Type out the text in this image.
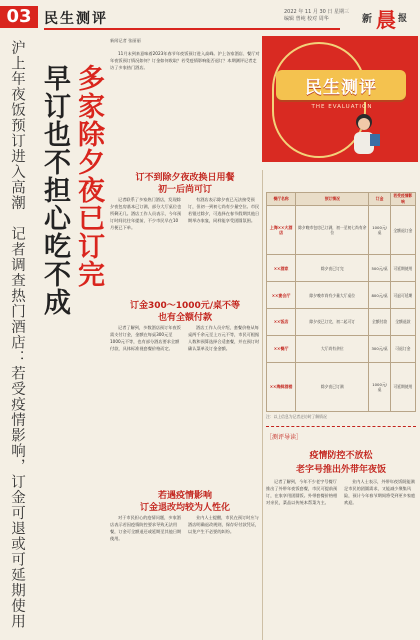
03 民生测评	2022 年 11 月 30 日 星期三
编辑 曾纯 校对 周华	新 晨 报
沪上年夜饭预订进入高潮　记者调查热门酒店：若受疫情影响，订金可退或可延期使用 多家除夕夜已订完
早订也不担心吃不成
新闻记者 张丽丽

11月末到来意味着2023年春节年夜饭预订进入高峰。沪上各家酒店、餐厅对年夜饭预订情况如何？订金如何收取？若受疫情影响能否退订？本期测评记者走访了多家热门酒店。

民生测评
THE EVALUATION
订不到除夕夜改换日用餐
初一后尚可订

记者联系了多家热门酒店，发现除夕夜包房基本已订满，部分大厅桌位也所剩无几。酒店工作人员表示，今年预订时间比往年提前，不少市民早在10月便已下单。

有酒店表示除夕夜已无法接受预订，但初一到初七尚有少量空位。市民若错过除夕，可选择在春节假期其他日期举办家宴，同样能享受团圆氛围。

订金300～1000元/桌不等
也有全额付款

记者了解到，多数酒店预订年夜饭需支付订金，金额在每桌300元至1000元不等，也有部分酒店要求全额付款，具体标准视套餐价格而定。

酒店工作人员介绍，套餐价格从每桌两千余元至上万元不等，市民可根据人数和预算选择合适套餐，并在预订时确认菜单及订金金额。

若遇疫情影响
订金退改均较为人性化

对于市民担心的疫情问题，多家酒店表示若因疫情防控要求导致无法用餐，订金可全额退还或延期至其他日期使用。

业内人士提醒，市民在预订时应与酒店明确退改规则，保存好付款凭证，以免产生不必要的纠纷。

餐厅名称	预订情况	订金	若受疫情影响
上海××大酒店	除夕晚市包房已订满，初一至初七尚有余位	1000元/桌	全额退订金
××酒家	除夕夜已订完	500元/桌	可延期使用
××宴会厅	除夕晚市尚有少量大厅桌位	800元/桌	可退可延期
××饭店	除夕夜已订完，初二起可订	全额付款	全额退款
××餐厅	大厅尚有余位	300元/桌	可退订金
××海鲜酒楼	除夕夜已订满	1000元/桌	可延期使用
注：以上信息为记者走访时了解情况
［测评导读］
疫情防控不放松
老字号推出外带年夜饭

记者了解到，今年不少老字号餐厅推出了外带年夜饭套餐，市民可提前预订，在家享用团圆饭。外带套餐价格相对亲民，菜品以传统本帮菜为主。

业内人士表示，外带年夜饭既能满足市民的团圆需求，又能减少聚集风险，预计今年春节期间将受到更多家庭欢迎。
